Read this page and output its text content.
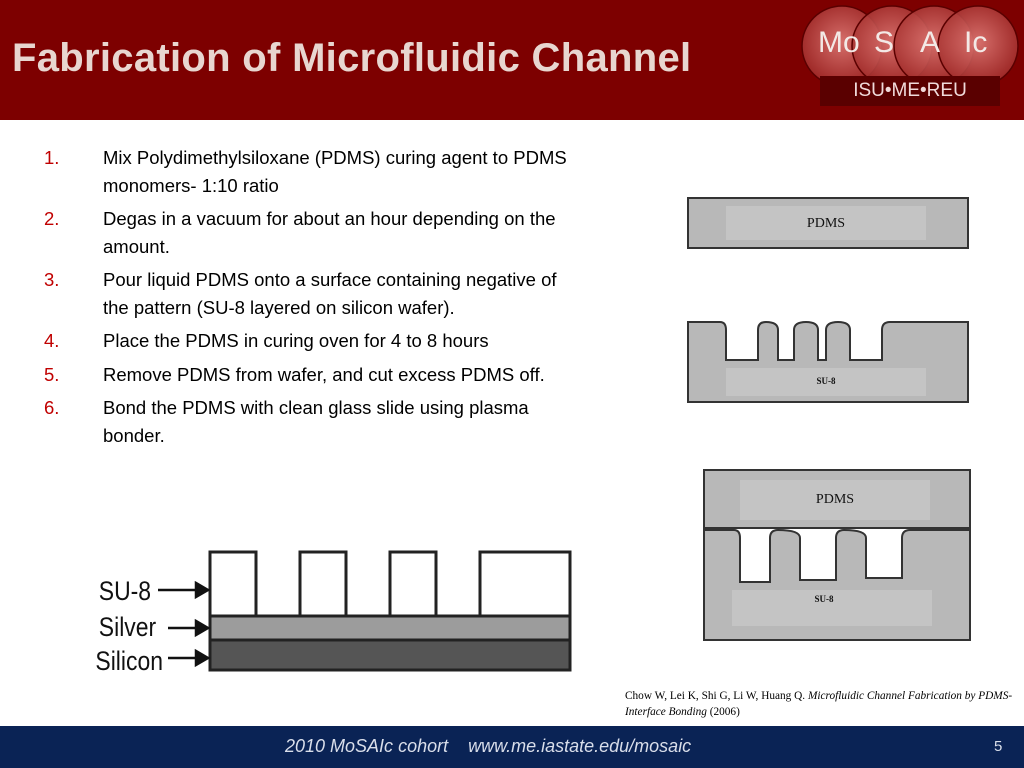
Fabrication of Microfluidic Channel	Mo S A Ic
ISU•ME•REU
1. Mix Polydimethylsiloxane (PDMS) curing agent to PDMS monomers- 1:10 ratio
2. Degas in a vacuum for about an hour depending on the amount.
3. Pour liquid PDMS onto a surface containing negative of the pattern (SU-8 layered on silicon wafer).
4. Place the PDMS in curing oven for 4 to 8 hours
5. Remove PDMS from wafer, and cut excess PDMS off.
6. Bond the PDMS with clean glass slide using plasma bonder.
SU-8
Silver
Silicon
PDMS
SU-8
PDMS
SU-8
Chow W, Lei K, Shi G, Li W, Huang Q. Microfluidic Channel Fabrication by PDMS-Interface Bonding (2006)
2010 MoSAIc cohort    www.me.iastate.edu/mosaic	5
